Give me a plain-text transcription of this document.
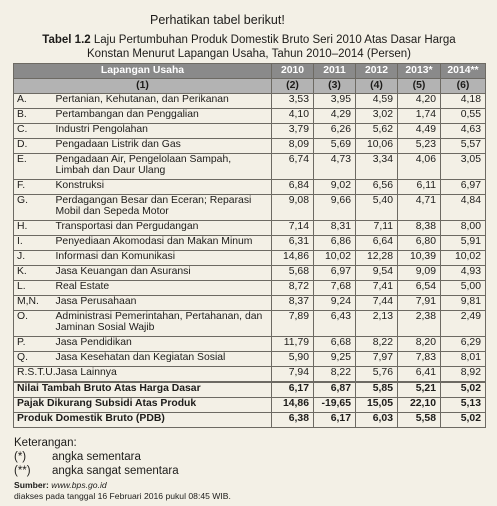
Perhatikan tabel berikut!
Tabel 1.2 Laju Pertumbuhan Produk Domestik Bruto Seri 2010 Atas Dasar Harga
Konstan Menurut Lapangan Usaha, Tahun 2010–2014 (Persen)
Lapangan Usaha		2010	2011	2012	2013*	2014**
(1)		(2)	(3)	(4)	(5)	(6)
A.	Pertanian, Kehutanan, dan Perikanan	3,53	3,95	4,59	4,20	4,18
B.	Pertambangan dan Penggalian	4,10	4,29	3,02	1,74	0,55
C.	Industri Pengolahan	3,79	6,26	5,62	4,49	4,63
D.	Pengadaan Listrik dan Gas	8,09	5,69	10,06	5,23	5,57
E.	Pengadaan Air, Pengelolaan Sampah, Limbah dan Daur Ulang	6,74	4,73	3,34	4,06	3,05
F.	Konstruksi	6,84	9,02	6,56	6,11	6,97
G.	Perdagangan Besar dan Eceran; Reparasi Mobil dan Sepeda Motor	9,08	9,66	5,40	4,71	4,84
H.	Transportasi dan Pergudangan	7,14	8,31	7,11	8,38	8,00
I.	Penyediaan Akomodasi dan Makan Minum	6,31	6,86	6,64	6,80	5,91
J.	Informasi dan Komunikasi	14,86	10,02	12,28	10,39	10,02
K.	Jasa Keuangan dan Asuransi	5,68	6,97	9,54	9,09	4,93
L.	Real Estate	8,72	7,68	7,41	6,54	5,00
M,N.	Jasa Perusahaan	8,37	9,24	7,44	7,91	9,81
O.	Administrasi Pemerintahan, Pertahanan, dan Jaminan Sosial Wajib	7,89	6,43	2,13	2,38	2,49
P.	Jasa Pendidikan	11,79	6,68	8,22	8,20	6,29
Q.	Jasa Kesehatan dan Kegiatan Sosial	5,90	9,25	7,97	7,83	8,01
R.S.T.U.	Jasa Lainnya	7,94	8,22	5,76	6,41	8,92
Nilai Tambah Bruto Atas Harga Dasar		6,17	6,87	5,85	5,21	5,02
Pajak Dikurang Subsidi Atas Produk		14,86	-19,65	15,05	22,10	5,13
Produk Domestik Bruto (PDB)		6,38	6,17	6,03	5,58	5,02
Keterangan:
(*) angka sementara
(**) angka sangat sementara
Sumber: www.bps.go.id
diakses pada tanggal 16 Februari 2016 pukul 08:45 WIB.
